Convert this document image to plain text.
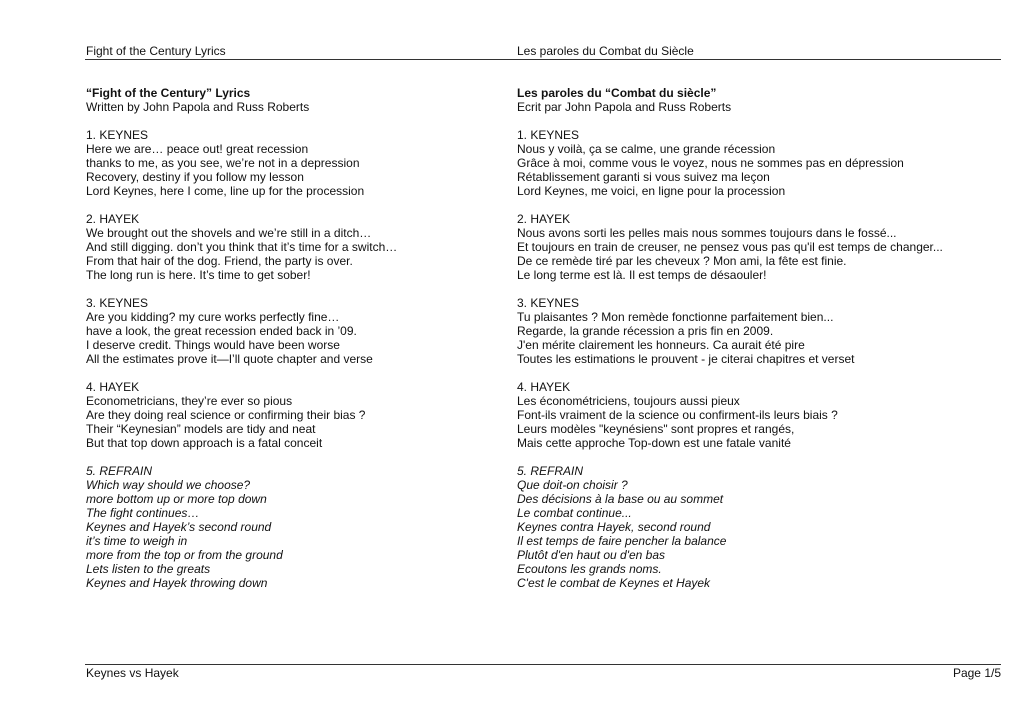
Fight of the Century Lyrics	Les paroles du Combat du Siècle
“Fight of the Century” Lyrics
Written by John Papola and Russ Roberts
1. KEYNES
Here we are… peace out! great recession
thanks to me, as you see, we’re not in a depression
Recovery, destiny if you follow my lesson
Lord Keynes, here I come, line up for the procession
2. HAYEK
We brought out the shovels and we’re still in a ditch…
And still digging. don’t you think that it’s time for a switch…
From that hair of the dog. Friend, the party is over.
The long run is here. It’s time to get sober!
3. KEYNES
Are you kidding? my cure works perfectly fine…
have a look, the great recession ended back in ’09.
I deserve credit. Things would have been worse
All the estimates prove it—I’ll quote chapter and verse
4. HAYEK
Econometricians, they’re ever so pious
Are they doing real science or confirming their bias ?
Their “Keynesian” models are tidy and neat
But that top down approach is a fatal conceit
5. REFRAIN
Which way should we choose?
more bottom up or more top down
The fight continues…
Keynes and Hayek’s second round
it’s time to weigh in
more from the top or from the ground
Lets listen to the greats
Keynes and Hayek throwing down
Les paroles du “Combat du siècle”
Ecrit par John Papola and Russ Roberts
1. KEYNES
Nous y voilà, ça se calme, une grande récession
Grâce à moi, comme vous le voyez, nous ne sommes pas en dépression
Rétablissement garanti si vous suivez ma leçon
Lord Keynes, me voici, en ligne pour la procession
2. HAYEK
Nous avons sorti les pelles mais nous sommes toujours dans le fossé...
Et toujours en train de creuser, ne pensez vous pas qu'il est temps de changer...
De ce remède tiré par les cheveux ? Mon ami, la fête est finie.
Le long terme est là. Il est temps de désaouler!
3. KEYNES
Tu plaisantes ? Mon remède fonctionne parfaitement bien...
Regarde, la grande récession a pris fin en 2009.
J'en mérite clairement les honneurs. Ca aurait été pire
Toutes les estimations le prouvent - je citerai chapitres et verset
4. HAYEK
Les économétriciens, toujours aussi pieux
Font-ils vraiment de la science ou confirment-ils leurs biais ?
Leurs modèles "keynésiens" sont propres et rangés,
Mais cette approche Top-down est une fatale vanité
5. REFRAIN
Que doit-on choisir ?
Des décisions à la base ou au sommet
Le combat continue...
Keynes contra Hayek, second round
Il est temps de faire pencher la balance
Plutôt d'en haut ou d'en bas
Ecoutons les grands noms.
C'est le combat de Keynes et Hayek
Keynes vs Hayek	Page 1/5
